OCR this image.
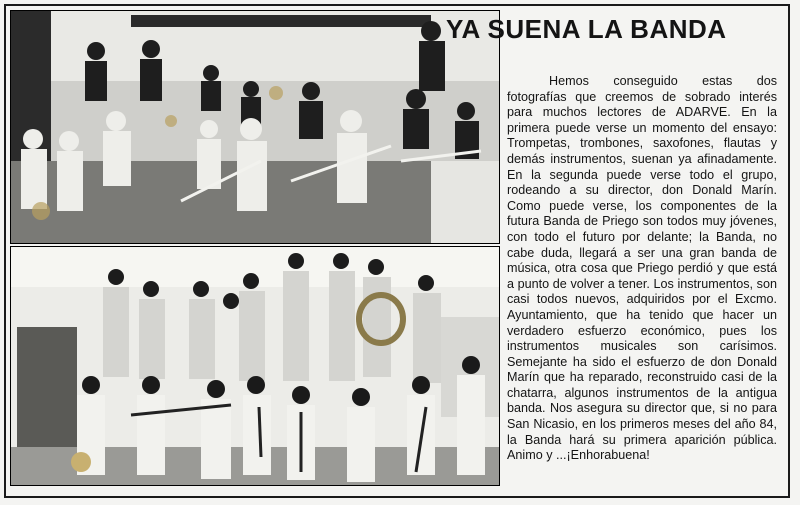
YA SUENA LA BANDA
Hemos conseguido estas dos fotografías que creemos de sobrado interés para muchos lectores de ADARVE. En la primera puede verse un momento del ensayo: Trompetas, trombones, saxofones, flautas y demás instrumentos, suenan ya afinadamente. En la segunda puede verse todo el grupo, rodeando a su director, don Donald Marín. Como puede verse, los componentes de la futura Banda de Priego son todos muy jóvenes, con todo el futuro por delante; la Banda, no cabe duda, llegará a ser una gran banda de música, otra cosa que Priego perdió y que está a punto de volver a tener. Los instrumentos, son casi todos nuevos, adquiridos por el Excmo. Ayuntamiento, que ha tenido que hacer un verdadero esfuerzo económico, pues los instrumentos musicales son carísimos. Semejante ha sido el esfuerzo de don Donald Marín que ha reparado, reconstruido casi de la chatarra, algunos instrumentos de la antigua banda. Nos asegura su director que, si no para San Nicasio, en los primeros meses del año 84, la Banda hará su primera aparición pública. Animo y ...¡Enhorabuena!
